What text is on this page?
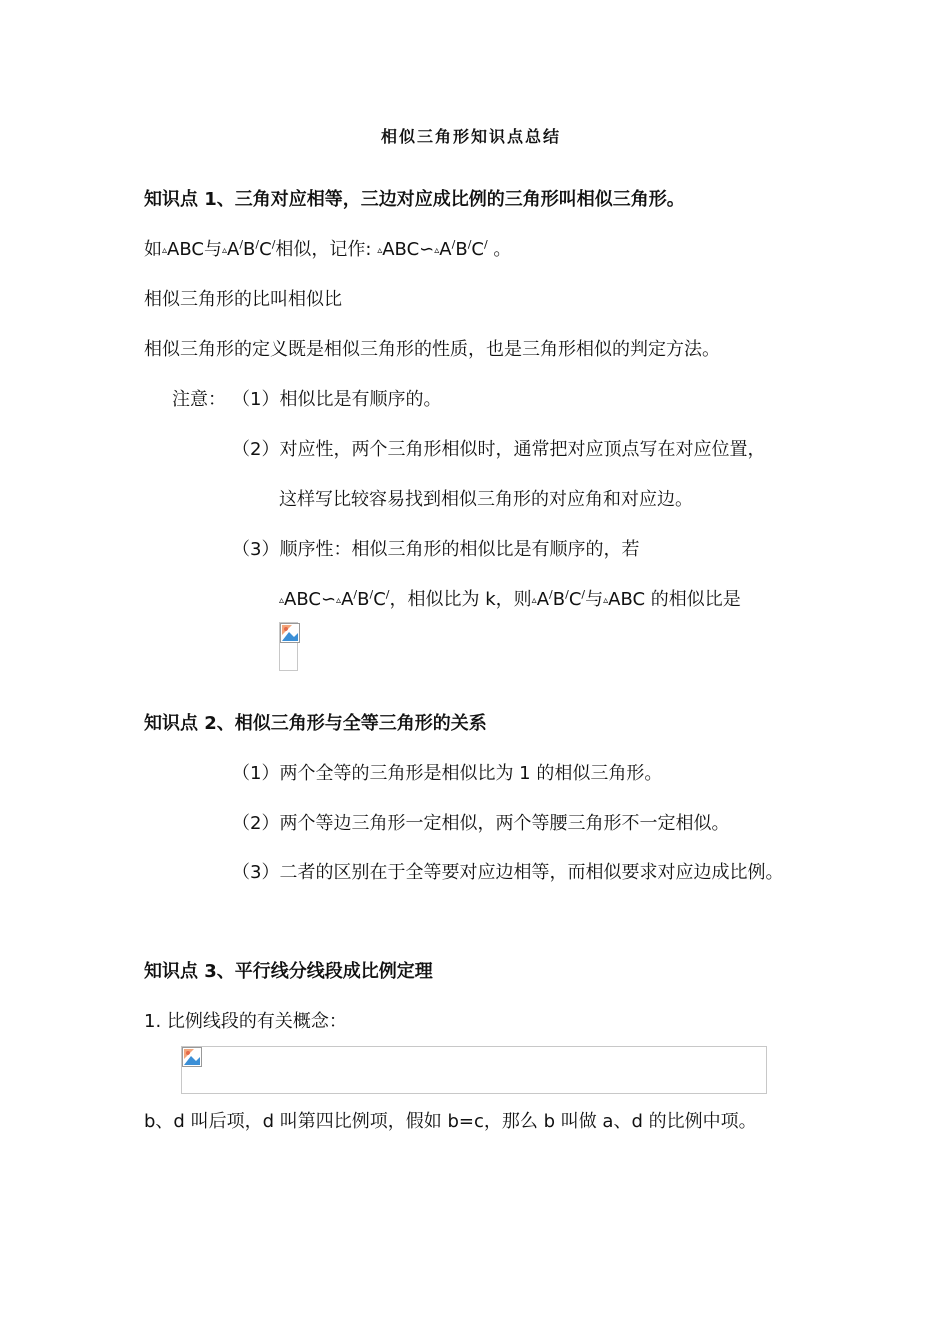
相似三角形知识点总结
知识点 1、三角对应相等，三边对应成比例的三角形叫相似三角形。
如▵ABC与▵A/B/C/相似，记作: ▵ABC∽▵A/B/C/ 。
相似三角形的比叫相似比
相似三角形的定义既是相似三角形的性质，也是三角形相似的判定方法。
注意： （1）相似比是有顺序的。
（2）对应性，两个三角形相似时，通常把对应顶点写在对应位置，
这样写比较容易找到相似三角形的对应角和对应边。
（3）顺序性：相似三角形的相似比是有顺序的，若
▵ABC∽▵A/B/C/，相似比为 k，则▵A/B/C/与▵ABC 的相似比是
知识点 2、相似三角形与全等三角形的关系
（1）两个全等的三角形是相似比为 1 的相似三角形。
（2）两个等边三角形一定相似，两个等腰三角形不一定相似。
（3）二者的区别在于全等要对应边相等，而相似要求对应边成比例。
知识点 3、平行线分线段成比例定理
1. 比例线段的有关概念：
b、d 叫后项，d 叫第四比例项，假如 b=c，那么 b 叫做 a、d 的比例中项。
